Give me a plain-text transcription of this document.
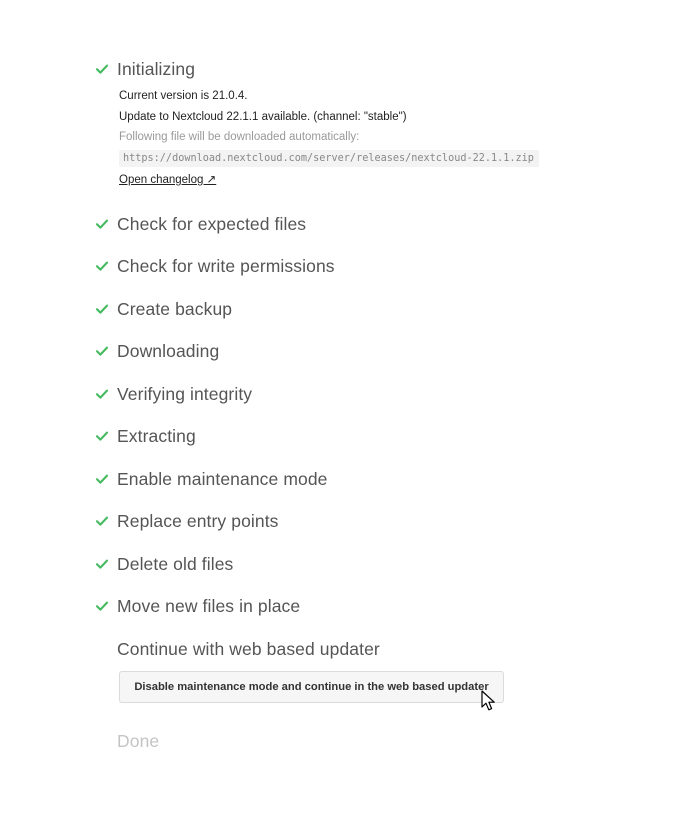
Initializing
Current version is 21.0.4.
Update to Nextcloud 22.1.1 available. (channel: "stable")
Following file will be downloaded automatically:
https://download.nextcloud.com/server/releases/nextcloud-22.1.1.zip
Open changelog ↗
Check for expected files
Check for write permissions
Create backup
Downloading
Verifying integrity
Extracting
Enable maintenance mode
Replace entry points
Delete old files
Move new files in place
Continue with web based updater
Disable maintenance mode and continue in the web based updater
Done
